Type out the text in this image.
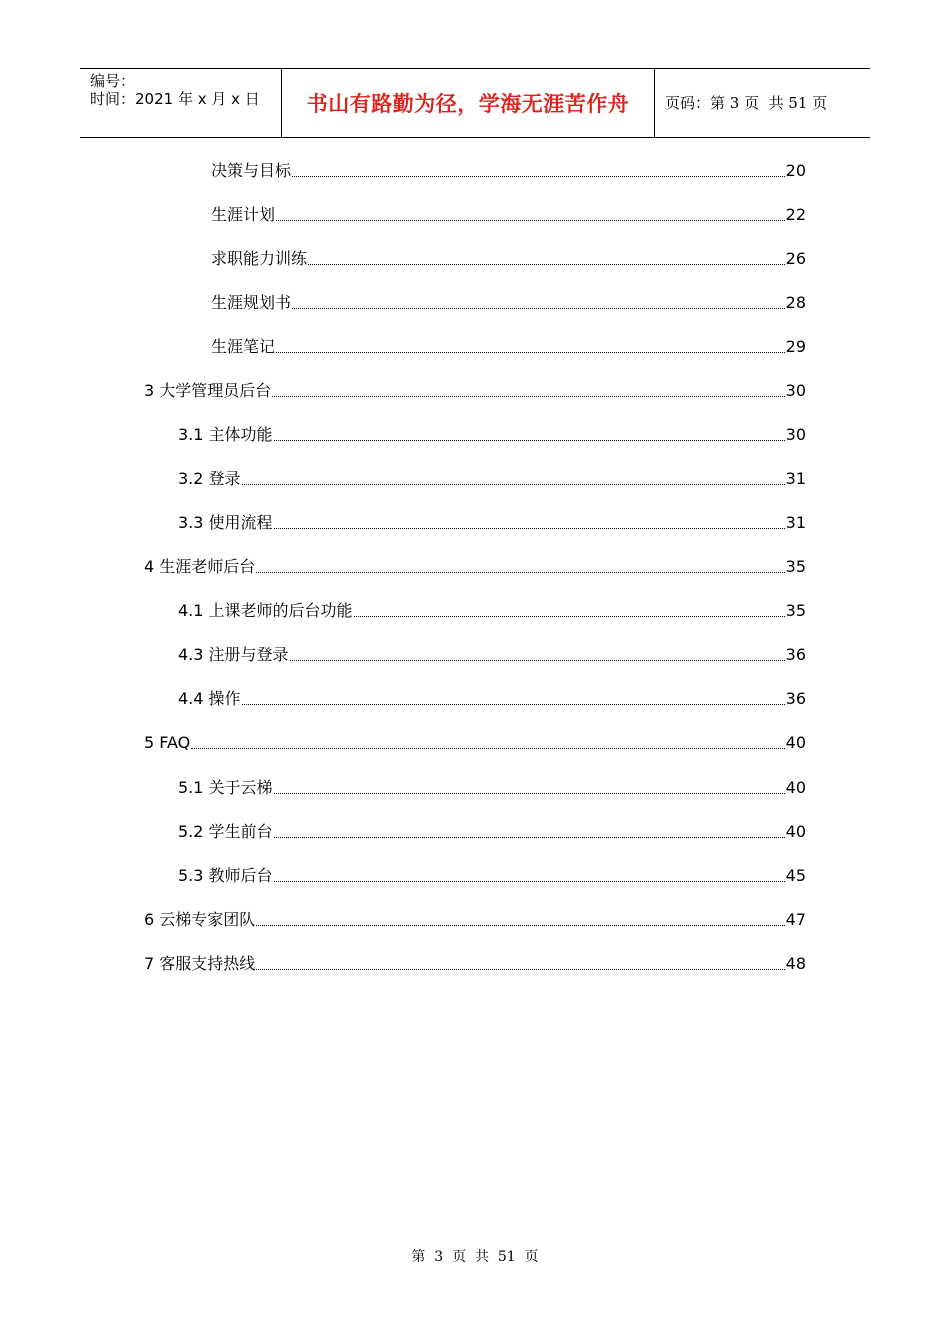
编号：
时间：2021 年 x 月 x 日	书山有路勤为径，学海无涯苦作舟	页码：第 3 页  共 51 页
决策与目标	20
生涯计划	22
求职能力训练	26
生涯规划书	28
生涯笔记	29
3 大学管理员后台	30
3.1 主体功能	30
3.2 登录	31
3.3 使用流程	31
4 生涯老师后台	35
4.1 上课老师的后台功能	35
4.3 注册与登录	36
4.4 操作	36
5 FAQ	40
5.1 关于云梯	40
5.2 学生前台	40
5.3 教师后台	45
6 云梯专家团队	47
7 客服支持热线	48
第  3  页  共  51  页
